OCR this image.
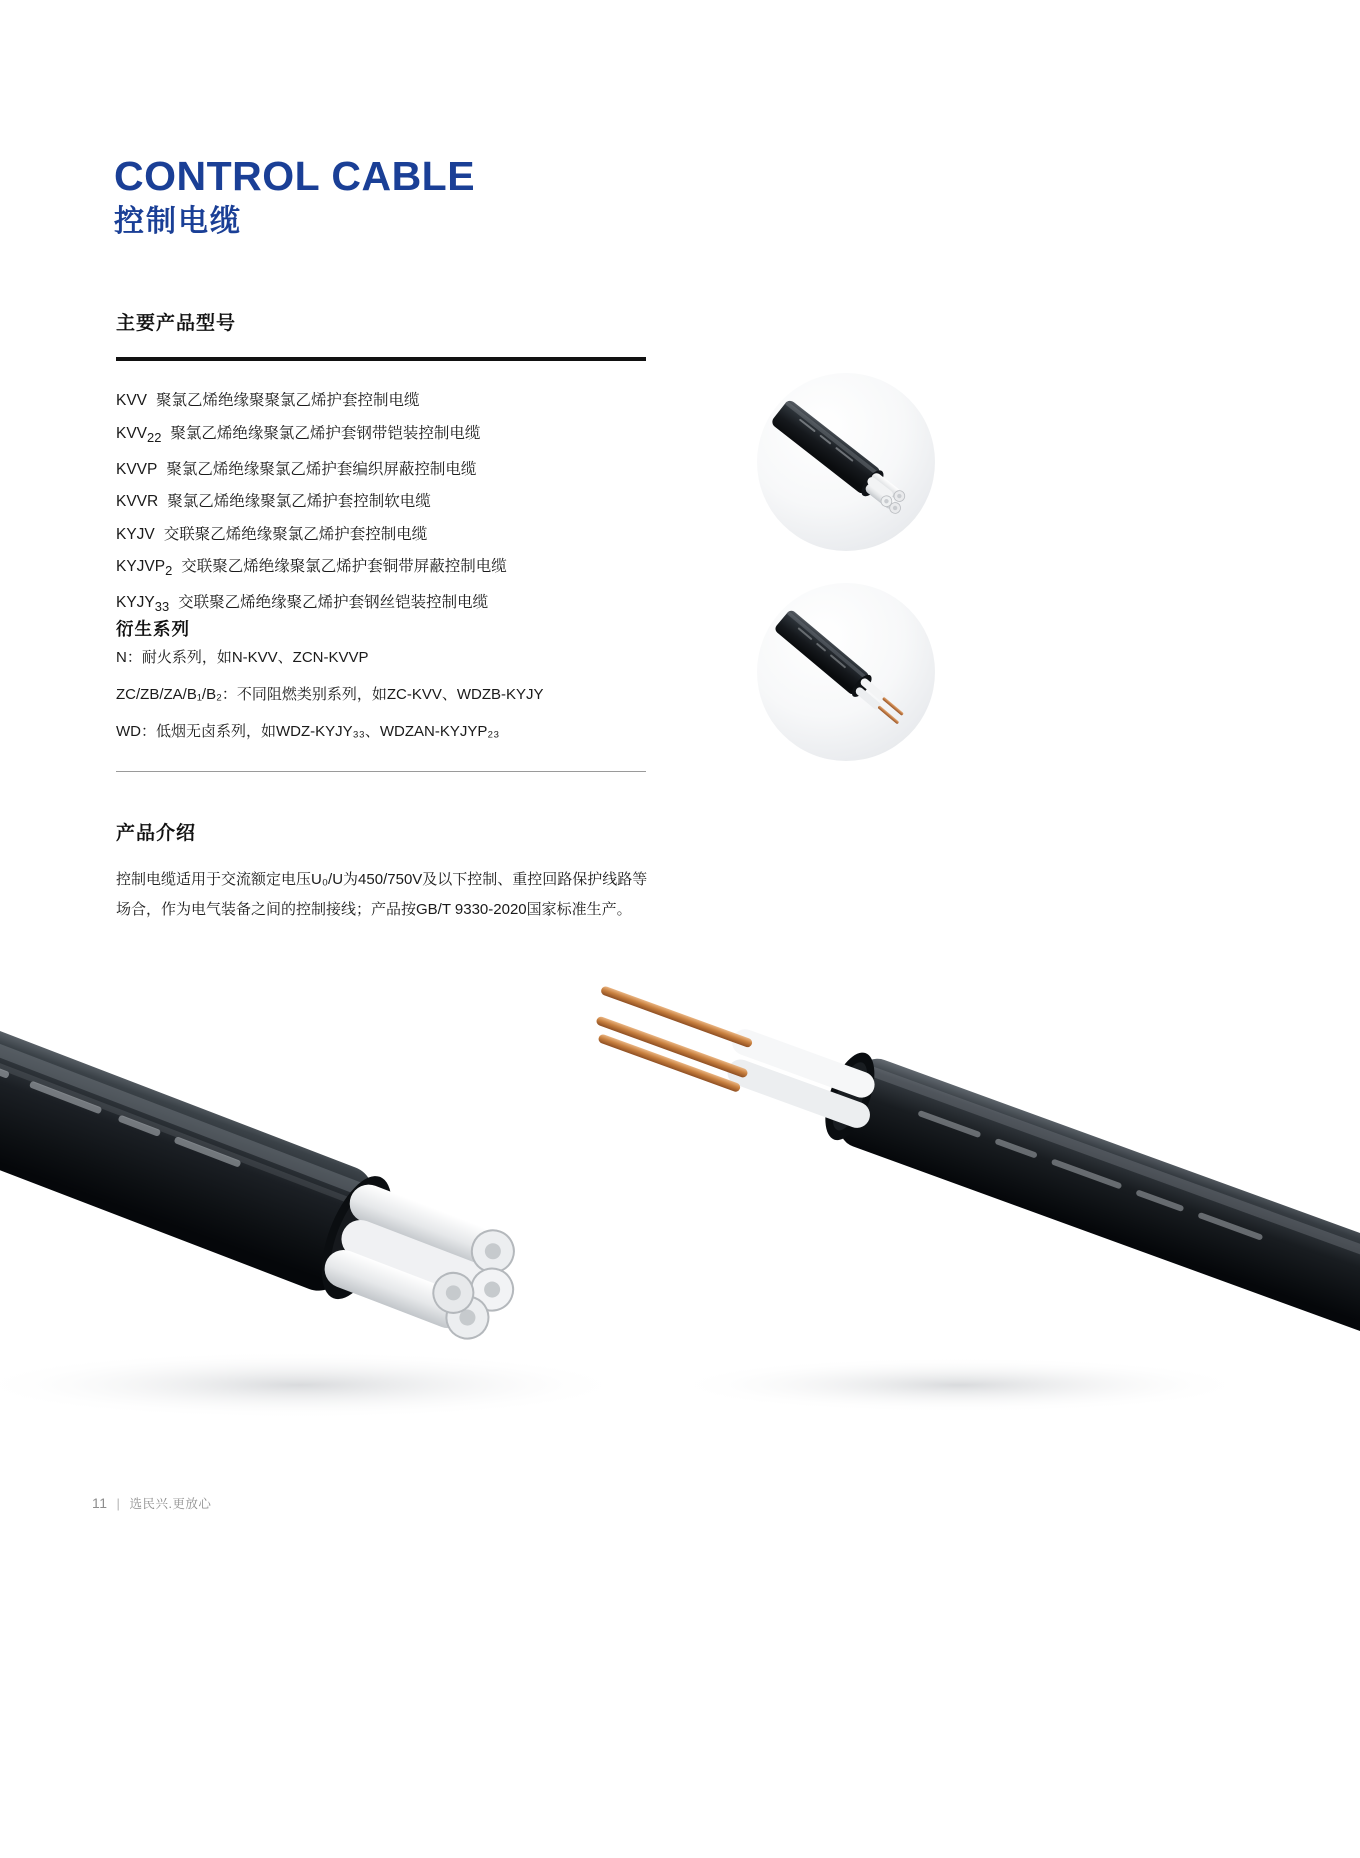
CONTROL CABLE
控制电缆
主要产品型号
KVV 聚氯乙烯绝缘聚聚氯乙烯护套控制电缆
$KVV_{22}$ 聚氯乙烯绝缘聚氯乙烯护套钢带铠装控制电缆
KVVP 聚氯乙烯绝缘聚氯乙烯护套编织屏蔽控制电缆
KVVR 聚氯乙烯绝缘聚氯乙烯护套控制软电缆
KYJV 交联聚乙烯绝缘聚氯乙烯护套控制电缆
$KYJVP_2$ 交联聚乙烯绝缘聚氯乙烯护套铜带屏蔽控制电缆
$KYJY_{33}$ 交联聚乙烯绝缘聚乙烯护套钢丝铠装控制电缆
衍生系列
N：耐火系列，如N-KVV、ZCN-KVVP
ZC/ZB/ZA/B₁/B₂：不同阻燃类别系列，如ZC-KVV、WDZB-KYJY
WD：低烟无卤系列，如WDZ-KYJY₃₃、WDZAN-KYJYP₂₃
产品介绍
控制电缆适用于交流额定电压U₀/U为450/750V及以下控制、重控回路保护线路等
场合，作为电气装备之间的控制接线；产品按GB/T 9330-2020国家标准生产。
11 | 选民兴.更放心
